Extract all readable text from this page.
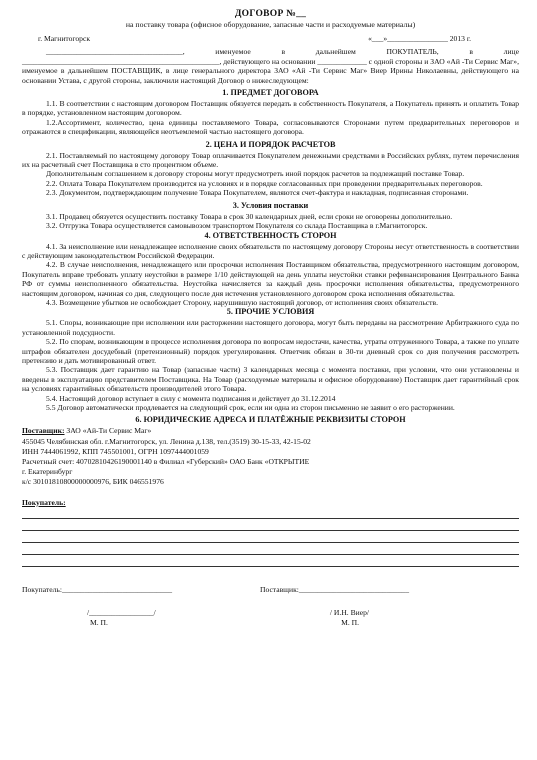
ДОГОВОР №__
на поставку товара (офисное оборудование, запасные части и расходуемые материалы)
г. Магнитогорск	«___»________________ 2013 г.

____________________________________, именуемое в дальнейшем ПОКУПАТЕЛЬ, в лице ____________________________________________________, действующего на основании _____________ с одной стороны и ЗАО «Ай -Ти Сервис Маг», именуемое в дальнейшем ПОСТАВЩИК, в лице генерального директора ЗАО «Ай -Ти Сервис Маг» Виер Ирины Николаевны, действующего на основании Устава, с другой стороны, заключили настоящий Договор о нижеследующем:

1. ПРЕДМЕТ ДОГОВОРА

1.1. В соответствии с настоящим договором Поставщик обязуется передать в собственность Покупателя, а Покупатель принять и оплатить Товар в порядке, установленном настоящим договором.

1.2.Ассортимент, количество, цена единицы поставляемого Товара, согласовываются Сторонами путем предварительных переговоров и отражаются в спецификации, являющейся неотъемлемой частью настоящего договора.

2. ЦЕНА И ПОРЯДОК РАСЧЕТОВ

2.1. Поставляемый по настоящему договору Товар оплачивается Покупателем денежными средствами в Российских рублях, путем перечисления их на расчетный счет Поставщика в сто процентном объеме.

Дополнительным соглашением к договору стороны могут предусмотреть иной порядок расчетов за подлежащий поставке Товар.

2.2. Оплата Товара Покупателем производится на условиях и в порядке согласованных при проведении предварительных переговоров.

2.3. Документом, подтверждающим получение Товара Покупателем, являются счет-фактура и накладная, подписанная сторонами.

3. Условия поставки

3.1. Продавец обязуется осуществить поставку Товара в срок 30 календарных дней, если сроки не оговорены дополнительно.

3.2. Отгрузка Товара осуществляется самовывозом транспортом Покупателя со склада Поставщика в г.Магнитогорск.

4. ОТВЕТСТВЕННОСТЬ СТОРОН

4.1. За неисполнение или ненадлежащее исполнение своих обязательств по настоящему договору Стороны несут ответственность в соответствии с действующим законодательством Российской Федерации.

4.2. В случае неисполнения, ненадлежащего или просрочки исполнения Поставщиком обязательства, предусмотренного настоящим договором, Покупатель вправе требовать уплату неустойки в размере 1/10 действующей на день уплаты неустойки ставки рефинансирования Центрального Банка РФ от суммы неисполненного обязательства. Неустойка начисляется за каждый день просрочки исполнения обязательства, предусмотренного настоящим договором, начиная со дня, следующего после дня истечения установленного договором срока исполнения обязательства.

4.3. Возмещение убытков не освобождает Сторону, нарушившую настоящий договор, от исполнения своих обязательств.

5. ПРОЧИЕ УСЛОВИЯ

5.1. Споры, возникающие при исполнении или расторжении настоящего договора, могут быть переданы на рассмотрение Арбитражного суда по установленной подсудности.

5.2. По спорам, возникающим в процессе исполнения договора по вопросам недостачи, качества, утраты отгруженного Товара, а также по уплате штрафов обязателен досудебный (претензионный) порядок урегулирования. Ответчик обязан в 30-ти дневный срок со дня получения рассмотреть претензию и дать мотивированный ответ.

5.3. Поставщик дает гарантию на Товар (запасные части) 3 календарных месяца с момента поставки, при условии, что они установлены и введены в эксплуатацию представителем Поставщика. На Товар (расходуемые материалы и офисное оборудование) Поставщик дает гарантийный срок на условиях гарантийных обязательств производителей этого Товара.

5.4. Настоящий договор вступает в силу с момента подписания и действует до 31.12.2014

5.5 Договор автоматически продлевается на следующий срок, если ни одна из сторон письменно не заявит о его расторжении.

6. ЮРИДИЧЕСКИЕ АДРЕСА И ПЛАТЁЖНЫЕ РЕКВИЗИТЫ СТОРОН
Поставщик: ЗАО «Ай-Ти Сервис Маг»
455045 Челябинская обл. г.Магнитогорск, ул. Ленина д.138, тел.(3519) 30-15-33, 42-15-02
ИНН 7444061992, КПП 745501001, ОГРН 1097444001059
Расчетный счет: 40702810426190001140 в Филиал «Губерский» ОАО Банк «ОТКРЫТИЕ
г. Екатеринбург
к/с 30101810800000000976, БИК 046551976
Покупатель:
Покупатель:_____________________________	Поставщик:_____________________________
/_________________/	/ И.Н. Виер/
М. П.	М. П.
